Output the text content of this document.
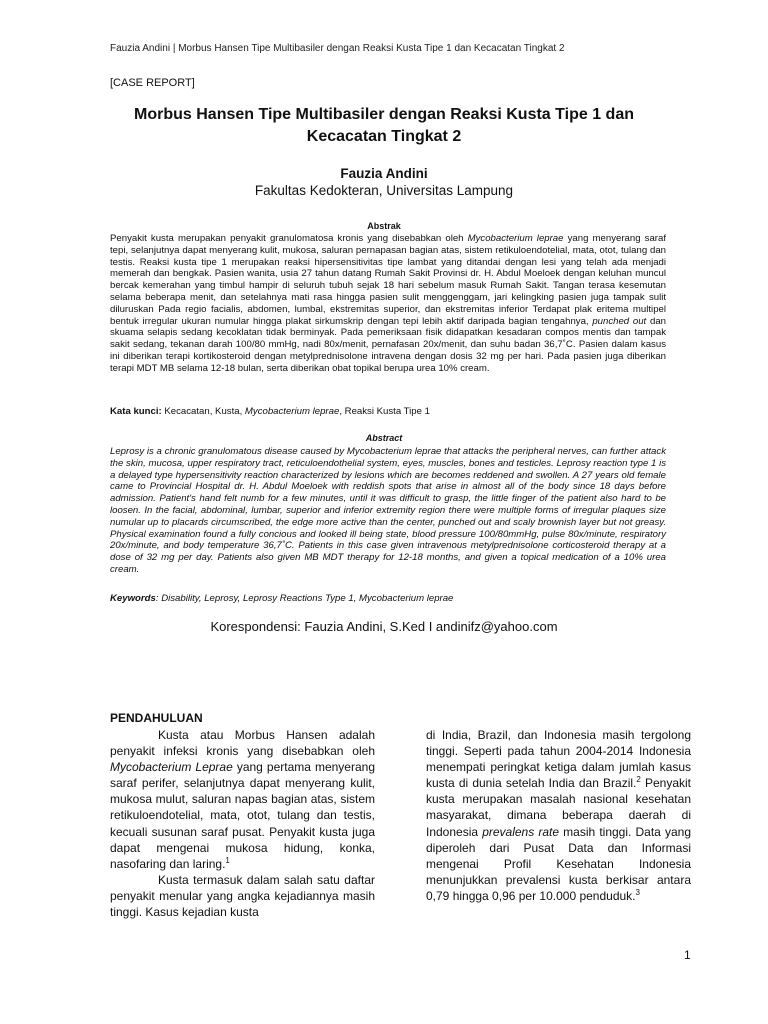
Fauzia Andini | Morbus Hansen Tipe Multibasiler dengan Reaksi Kusta Tipe 1 dan Kecacatan Tingkat 2
[CASE REPORT]
Morbus Hansen Tipe Multibasiler dengan Reaksi Kusta Tipe 1 dan Kecacatan Tingkat 2
Fauzia Andini
Fakultas Kedokteran, Universitas Lampung
Abstrak
Penyakit kusta merupakan penyakit granulomatosa kronis yang disebabkan oleh Mycobacterium leprae yang menyerang saraf tepi, selanjutnya dapat menyerang kulit, mukosa, saluran pernapasan bagian atas, sistem retikuloendotelial, mata, otot, tulang dan testis. Reaksi kusta tipe 1 merupakan reaksi hipersensitivitas tipe lambat yang ditandai dengan lesi yang telah ada menjadi memerah dan bengkak. Pasien wanita, usia 27 tahun datang Rumah Sakit Provinsi dr. H. Abdul Moeloek dengan keluhan muncul bercak kemerahan yang timbul hampir di seluruh tubuh sejak 18 hari sebelum masuk Rumah Sakit. Tangan terasa kesemutan selama beberapa menit, dan setelahnya mati rasa hingga pasien sulit menggenggam, jari kelingking pasien juga tampak sulit diluruskan Pada regio facialis, abdomen, lumbal, ekstremitas superior, dan ekstremitas inferior Terdapat plak eritema multipel bentuk irregular ukuran numular hingga plakat sirkumskrip dengan tepi lebih aktif daripada bagian tengahnya, punched out dan skuama selapis sedang kecoklatan tidak berminyak. Pada pemeriksaan fisik didapatkan kesadaran compos mentis dan tampak sakit sedang, tekanan darah 100/80 mmHg, nadi 80x/menit, pernafasan 20x/menit, dan suhu badan 36,7˚C. Pasien dalam kasus ini diberikan terapi kortikosteroid dengan metylprednisolone intravena dengan dosis 32 mg per hari. Pada pasien juga diberikan terapi MDT MB selama 12-18 bulan, serta diberikan obat topikal berupa urea 10% cream.
Kata kunci: Kecacatan, Kusta, Mycobacterium leprae, Reaksi Kusta Tipe 1
Abstract
Leprosy is a chronic granulomatous disease caused by Mycobacterium leprae that attacks the peripheral nerves, can further attack the skin, mucosa, upper respiratory tract, reticuloendothelial system, eyes, muscles, bones and testicles. Leprosy reaction type 1 is a delayed type hypersensitivity reaction characterized by lesions which are becomes reddened and swollen. A 27 years old female came to Provincial Hospital dr. H. Abdul Moeloek with reddish spots that arise in almost all of the body since 18 days before admission. Patient's hand felt numb for a few minutes, until it was difficult to grasp, the little finger of the patient also hard to be loosen. In the facial, abdominal, lumbar, superior and inferior extremity region there were multiple forms of irregular plaques size numular up to placards circumscribed, the edge more active than the center, punched out and scaly brownish layer but not greasy. Physical examination found a fully concious and looked ill being state, blood pressure 100/80mmHg, pulse 80x/minute, respiratory 20x/minute, and body temperature 36,7˚C. Patients in this case given intravenous metylprednisolone corticosteroid therapy at a dose of 32 mg per day. Patients also given MB MDT therapy for 12-18 months, and given a topical medication of a 10% urea cream.
Keywords: Disability, Leprosy, Leprosy Reactions Type 1, Mycobacterium leprae
Korespondensi: Fauzia Andini, S.Ked I andinifz@yahoo.com
PENDAHULUAN

Kusta atau Morbus Hansen adalah penyakit infeksi kronis yang disebabkan oleh Mycobacterium Leprae yang pertama menyerang saraf perifer, selanjutnya dapat menyerang kulit, mukosa mulut, saluran napas bagian atas, sistem retikuloendotelial, mata, otot, tulang dan testis, kecuali susunan saraf pusat. Penyakit kusta juga dapat mengenai mukosa hidung, konka, nasofaring dan laring.$^1$

Kusta termasuk dalam salah satu daftar penyakit menular yang angka kejadiannya masih tinggi. Kasus kejadian kusta

di India, Brazil, dan Indonesia masih tergolong tinggi. Seperti pada tahun 2004-2014 Indonesia menempati peringkat ketiga dalam jumlah kasus kusta di dunia setelah India dan Brazil.$^2$ Penyakit kusta merupakan masalah nasional kesehatan masyarakat, dimana beberapa daerah di Indonesia prevalens rate masih tinggi. Data yang diperoleh dari Pusat Data dan Informasi mengenai Profil Kesehatan Indonesia menunjukkan prevalensi kusta berkisar antara 0,79 hingga 0,96 per 10.000 penduduk.$^3$

1
